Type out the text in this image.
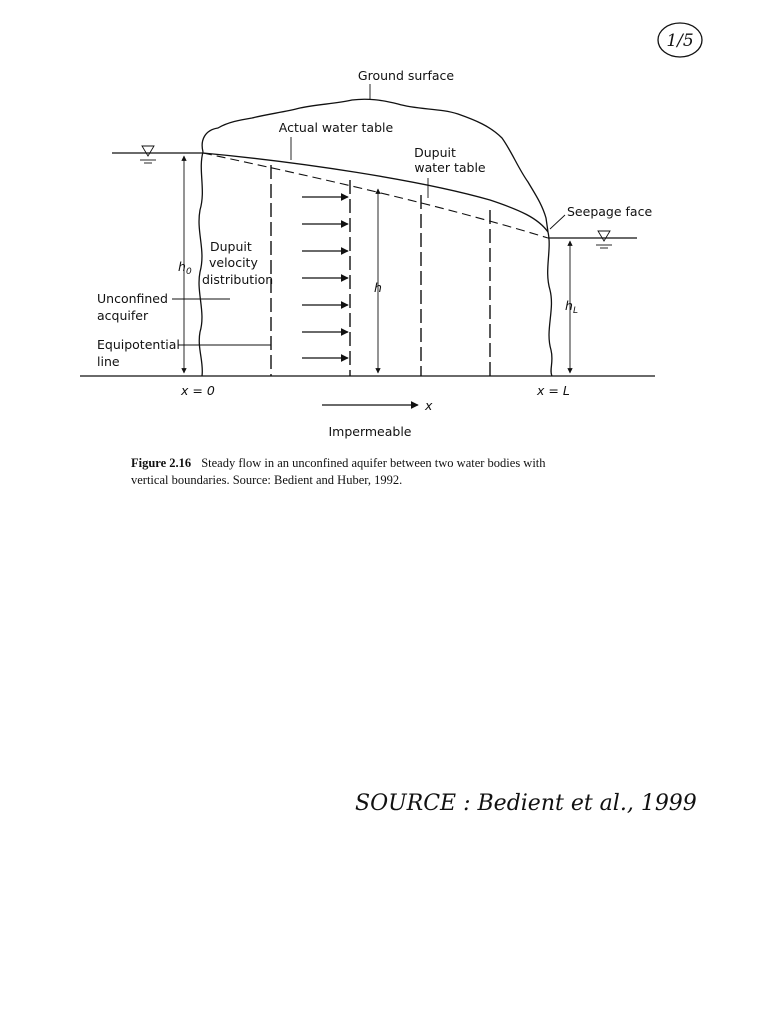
1/5
Ground surface
Actual water table
Dupuit
water table
Seepage face
Dupuit
velocity
distribution
Unconfined
acquifer
Equipotential
line
$h_0$
h
$h_L$
x = 0	x = L
x
Impermeable
Figure 2.16 Steady flow in an unconfined aquifer between two water bodies with
vertical boundaries. Source: Bedient and Huber, 1992.
SOURCE : Bedient et al., 1999
